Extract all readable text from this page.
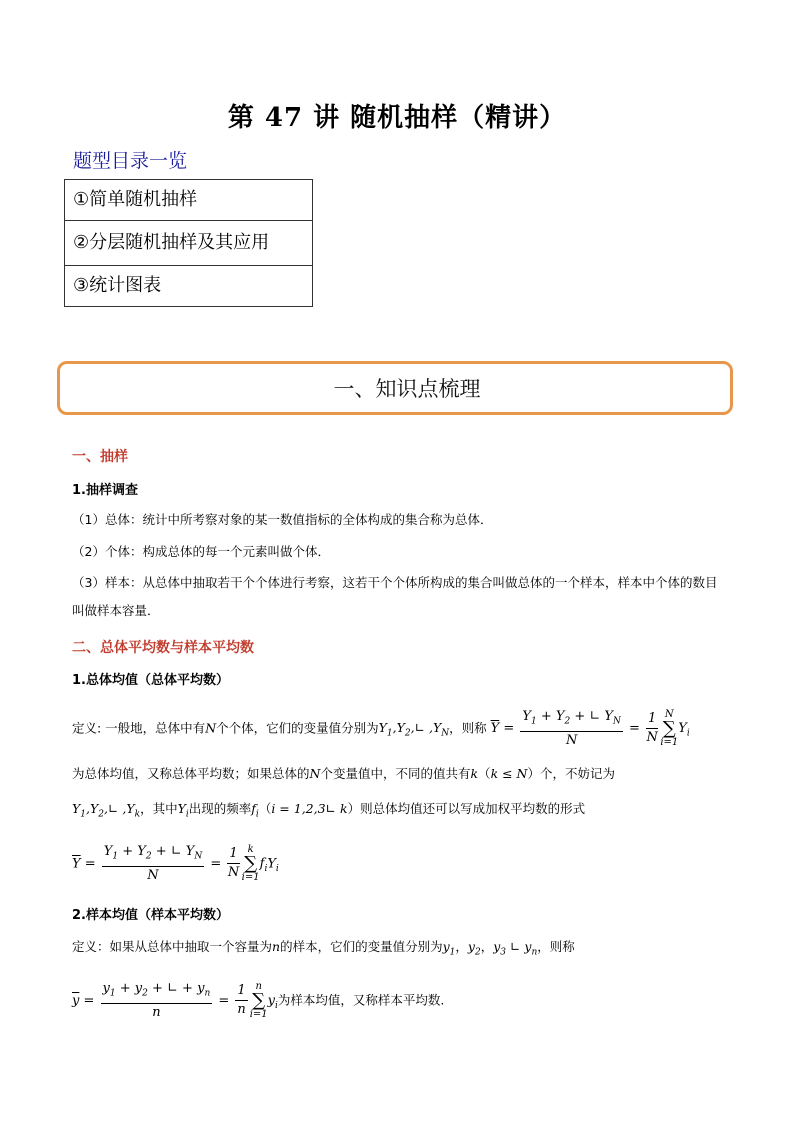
第 47 讲 随机抽样（精讲）
题型目录一览
①简单随机抽样
②分层随机抽样及其应用
③统计图表
一、知识点梳理
一、抽样
1.抽样调查
（1）总体：统计中所考察对象的某一数值指标的全体构成的集合称为总体．
（2）个体：构成总体的每一个元素叫做个体．
（3）样本：从总体中抽取若干个个体进行考察，这若干个个体所构成的集合叫做总体的一个样本，样本中个体的数目叫做样本容量．
二、总体平均数与样本平均数
1.总体均值（总体平均数）
定义: 一般地，总体中有N个个体，它们的变量值分别为$Y_1,Y_2,∟$ $,Y_N$，则称 $\overline{Y} = \frac{Y_1 + Y_2 + ∟ Y_N}{N} = \frac{1}{N}$ N
∑
i=1
$Y_i$
为总体均值，又称总体平均数；如果总体的N个变量值中，不同的值共有k（k ≤ N）个，不妨记为
$Y_1,Y_2,∟$ $,Y_k$，其中$Y_i$出现的频率$f_i(i$ = 1,2,3∟ k）则总体均值还可以写成加权平均数的形式
$\overline{Y} = \frac{Y_1 + Y_2 + ∟ Y_N}{N} = \frac{1}{N}$ k
∑
i=1
$f_iY_i$
2.样本均值（样本平均数）
定义：如果从总体中抽取一个容量为n的样本，它们的变量值分别为$y_1$，$y_2$，$y_3$ ∟ $y_n$，则称
$\overline{y} = \frac{y_1 + y_2 + ∟ + y_n}{n} = \frac{1}{n}$ n
∑
i=1
$y_i$为样本均值，又称样本平均数.
